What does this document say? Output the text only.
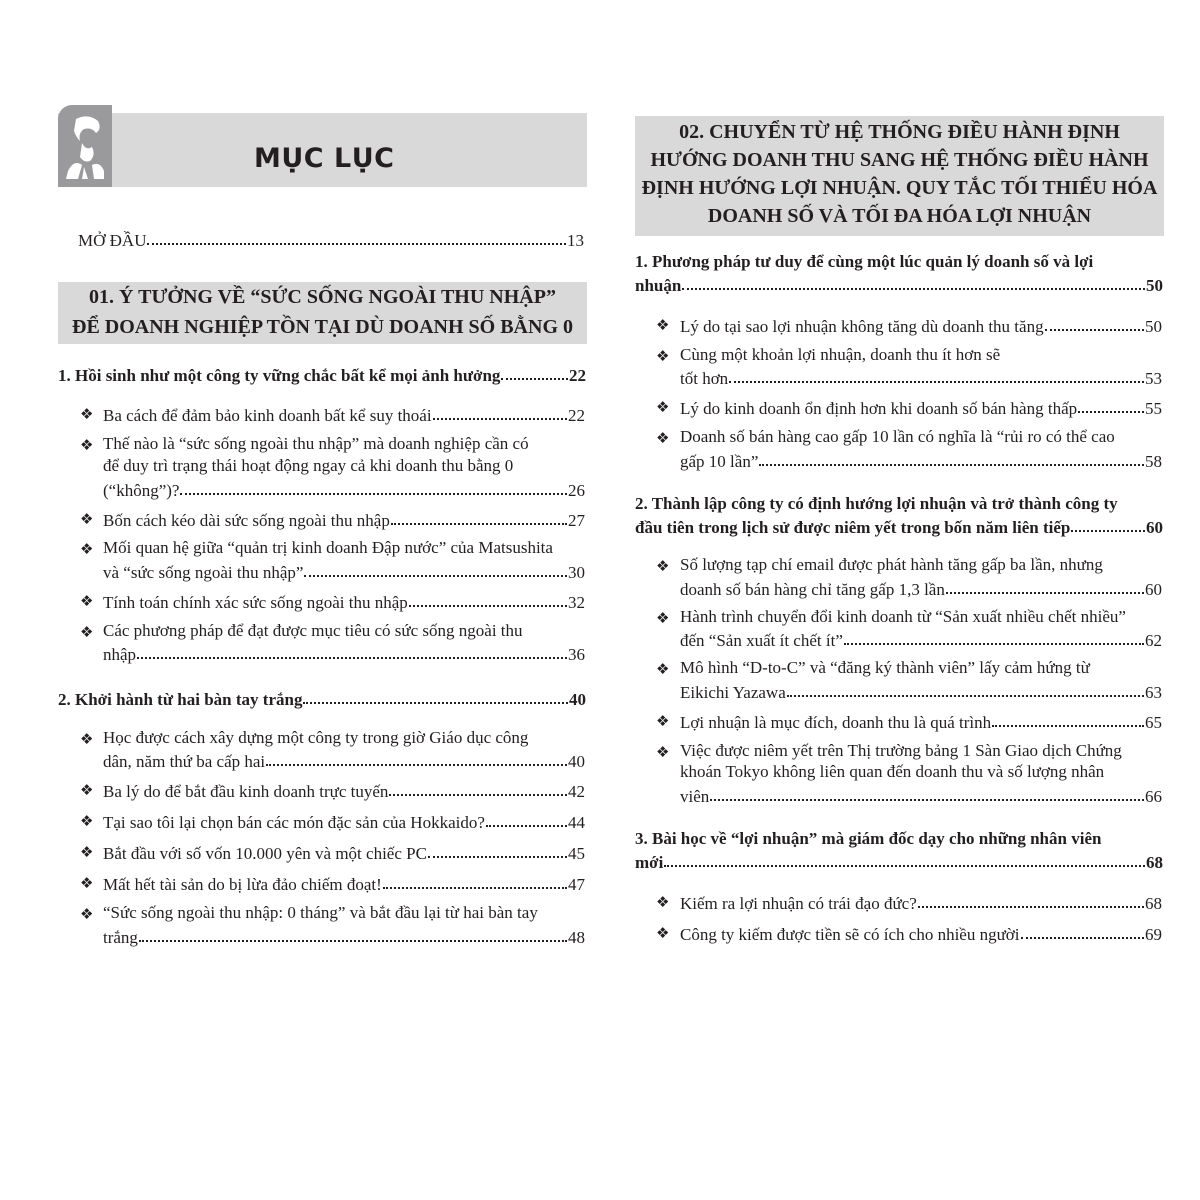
MỤC LỤC
MỞ ĐẦU	13
01. Ý TƯỞNG VỀ “SỨC SỐNG NGOÀI THU NHẬP”
ĐỂ DOANH NGHIỆP TỒN TẠI DÙ DOANH SỐ BẰNG 0
1. Hồi sinh như một công ty vững chắc bất kể mọi ảnh hưởng	22
❖ Ba cách để đảm bảo kinh doanh bất kể suy thoái	22
❖ Thế nào là “sức sống ngoài thu nhập” mà doanh nghiệp cần có
để duy trì trạng thái hoạt động ngay cả khi doanh thu bằng 0
(“không”)?	26
❖ Bốn cách kéo dài sức sống ngoài thu nhập	27
❖ Mối quan hệ giữa “quản trị kinh doanh Đập nước” của Matsushita
và “sức sống ngoài thu nhập”	30
❖ Tính toán chính xác sức sống ngoài thu nhập	32
❖ Các phương pháp để đạt được mục tiêu có sức sống ngoài thu
nhập	36
2. Khởi hành từ hai bàn tay trắng	40
❖ Học được cách xây dựng một công ty trong giờ Giáo dục công
dân, năm thứ ba cấp hai	40
❖ Ba lý do để bắt đầu kinh doanh trực tuyến	42
❖ Tại sao tôi lại chọn bán các món đặc sản của Hokkaido?	44
❖ Bắt đầu với số vốn 10.000 yên và một chiếc PC	45
❖ Mất hết tài sản do bị lừa đảo chiếm đoạt!	47
❖ “Sức sống ngoài thu nhập: 0 tháng” và bắt đầu lại từ hai bàn tay
trắng	48
02. CHUYỂN TỪ HỆ THỐNG ĐIỀU HÀNH ĐỊNH
HƯỚNG DOANH THU SANG HỆ THỐNG ĐIỀU HÀNH
ĐỊNH HƯỚNG LỢI NHUẬN. QUY TẮC TỐI THIỂU HÓA
DOANH SỐ VÀ TỐI ĐA HÓA LỢI NHUẬN
1. Phương pháp tư duy để cùng một lúc quản lý doanh số và lợi
nhuận	50
❖ Lý do tại sao lợi nhuận không tăng dù doanh thu tăng	50
❖ Cùng một khoản lợi nhuận, doanh thu ít hơn sẽ
tốt hơn	53
❖ Lý do kinh doanh ổn định hơn khi doanh số bán hàng thấp	55
❖ Doanh số bán hàng cao gấp 10 lần có nghĩa là “rủi ro có thể cao
gấp 10 lần”	58
2. Thành lập công ty có định hướng lợi nhuận và trở thành công ty
đầu tiên trong lịch sử được niêm yết trong bốn năm liên tiếp	60
❖ Số lượng tạp chí email được phát hành tăng gấp ba lần, nhưng
doanh số bán hàng chỉ tăng gấp 1,3 lần	60
❖ Hành trình chuyển đổi kinh doanh từ “Sản xuất nhiều chết nhiều”
đến “Sản xuất ít chết ít”	62
❖ Mô hình “D-to-C” và “đăng ký thành viên” lấy cảm hứng từ
Eikichi Yazawa	63
❖ Lợi nhuận là mục đích, doanh thu là quá trình	65
❖ Việc được niêm yết trên Thị trường bảng 1 Sàn Giao dịch Chứng
khoán Tokyo không liên quan đến doanh thu và số lượng nhân
viên	66
3. Bài học về “lợi nhuận” mà giám đốc dạy cho những nhân viên
mới	68
❖ Kiếm ra lợi nhuận có trái đạo đức?	68
❖ Công ty kiếm được tiền sẽ có ích cho nhiều người	69
